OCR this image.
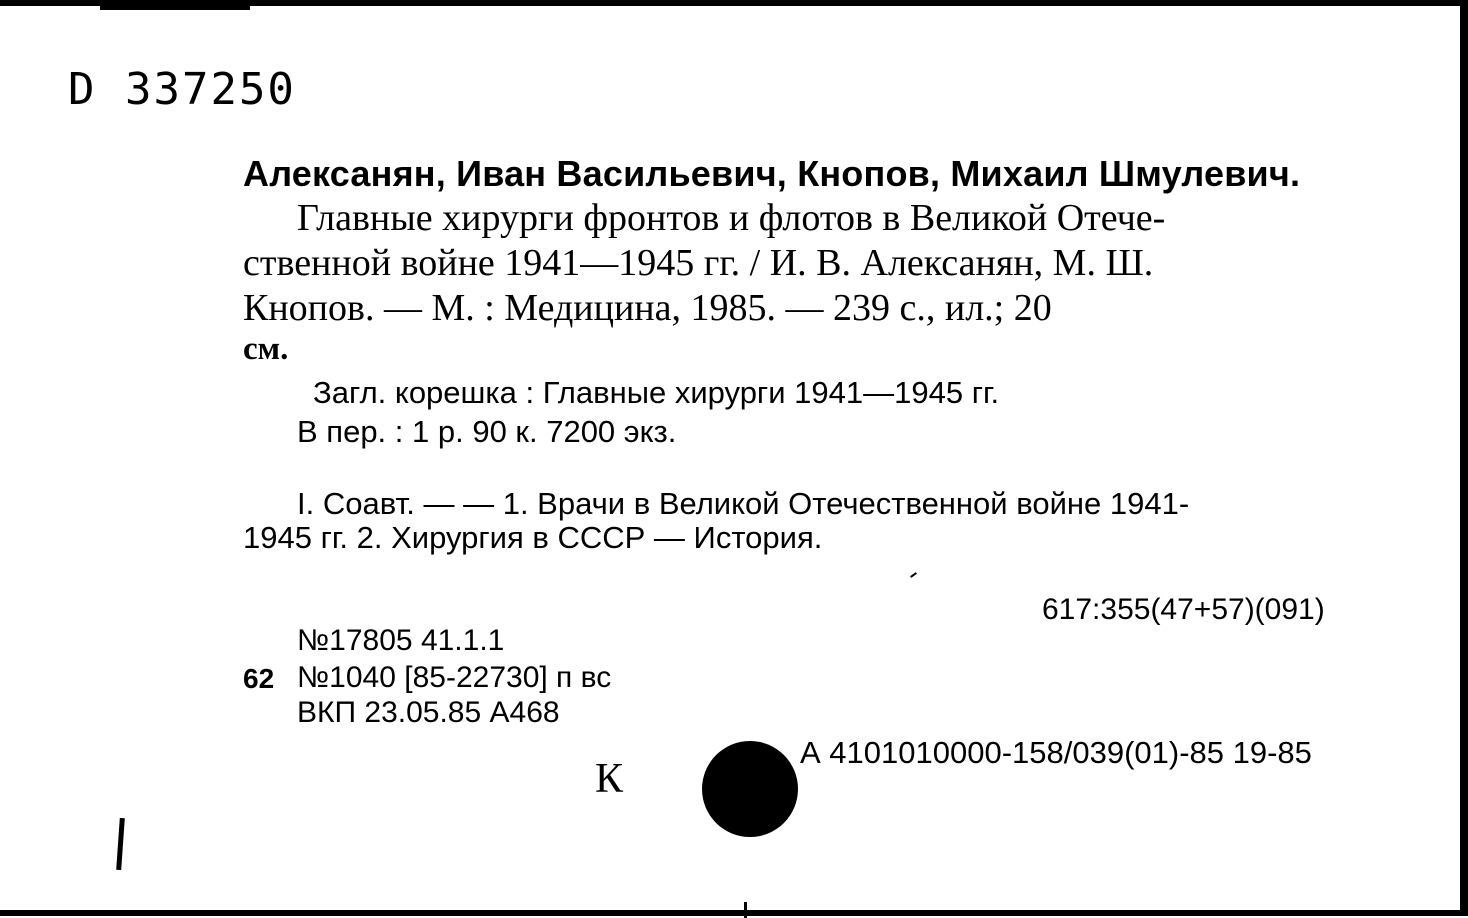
D 337250
Алексанян, Иван Васильевич, Кнопов, Михаил Шмулевич.
Главные хирурги фронтов и флотов в Великой Отече-
ственной войне 1941—1945 гг. / И. В. Алексанян, М. Ш.
Кнопов. — М. : Медицина, 1985. — 239 с., ил.; 20
см.
Загл. корешка : Главные хирурги 1941—1945 гг.
В пер. : 1 р. 90 к. 7200 экз.
I. Соавт. — — 1. Врачи в Великой Отечественной войне 1941-
1945 гг. 2. Хирургия в СССР — История.
617:355(47+57)(091)
№17805 41.1.1
62 №1040 [85-22730] п вс
ВКП 23.05.85 А468
К
А 4101010000-158/039(01)-85 19-85
